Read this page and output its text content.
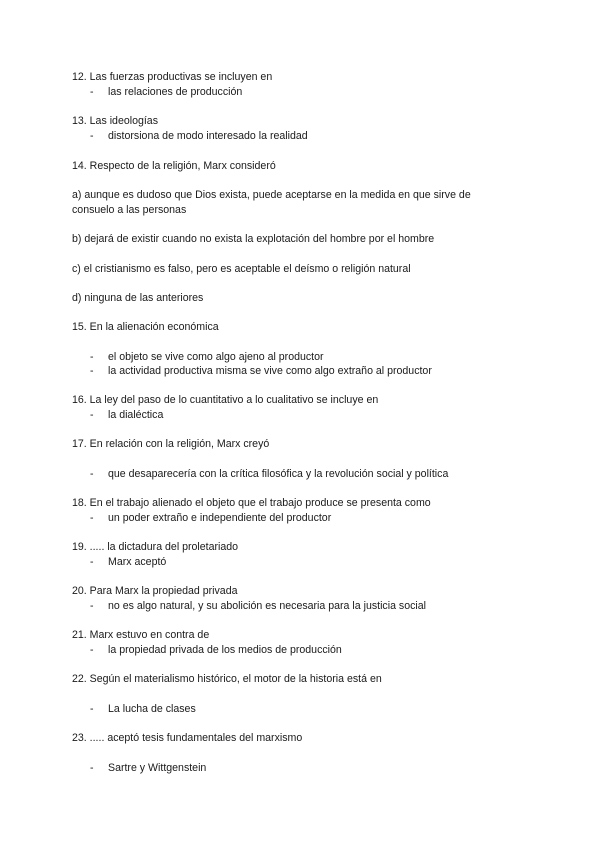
12. Las fuerzas productivas se incluyen en
- las relaciones de producción
13. Las ideologías
- distorsiona de modo interesado la realidad
14. Respecto de la religión, Marx consideró
a) aunque es dudoso que Dios exista, puede aceptarse en la medida en que sirve de consuelo a las personas
b) dejará de existir cuando no exista la explotación del hombre por el hombre
c) el cristianismo es falso, pero es aceptable el deísmo o religión natural
d) ninguna de las anteriores
15. En la alienación económica
- el objeto se vive como algo ajeno al productor
- la actividad productiva misma se vive como algo extraño al productor
16. La ley del paso de lo cuantitativo a lo cualitativo se incluye en
- la dialéctica
17. En relación con la religión, Marx creyó
- que desaparecería con la crítica filosófica y la revolución social y política
18. En el trabajo alienado el objeto que el trabajo produce se presenta como
- un poder extraño e independiente del productor
19. ..... la dictadura del proletariado
- Marx aceptó
20. Para Marx la propiedad privada
- no es algo natural, y su abolición es necesaria para la justicia social
21. Marx estuvo en contra de
- la propiedad privada de los medios de producción
22. Según el materialismo histórico, el motor de la historia está en
- La lucha de clases
23. ..... aceptó tesis fundamentales del marxismo
- Sartre y Wittgenstein
